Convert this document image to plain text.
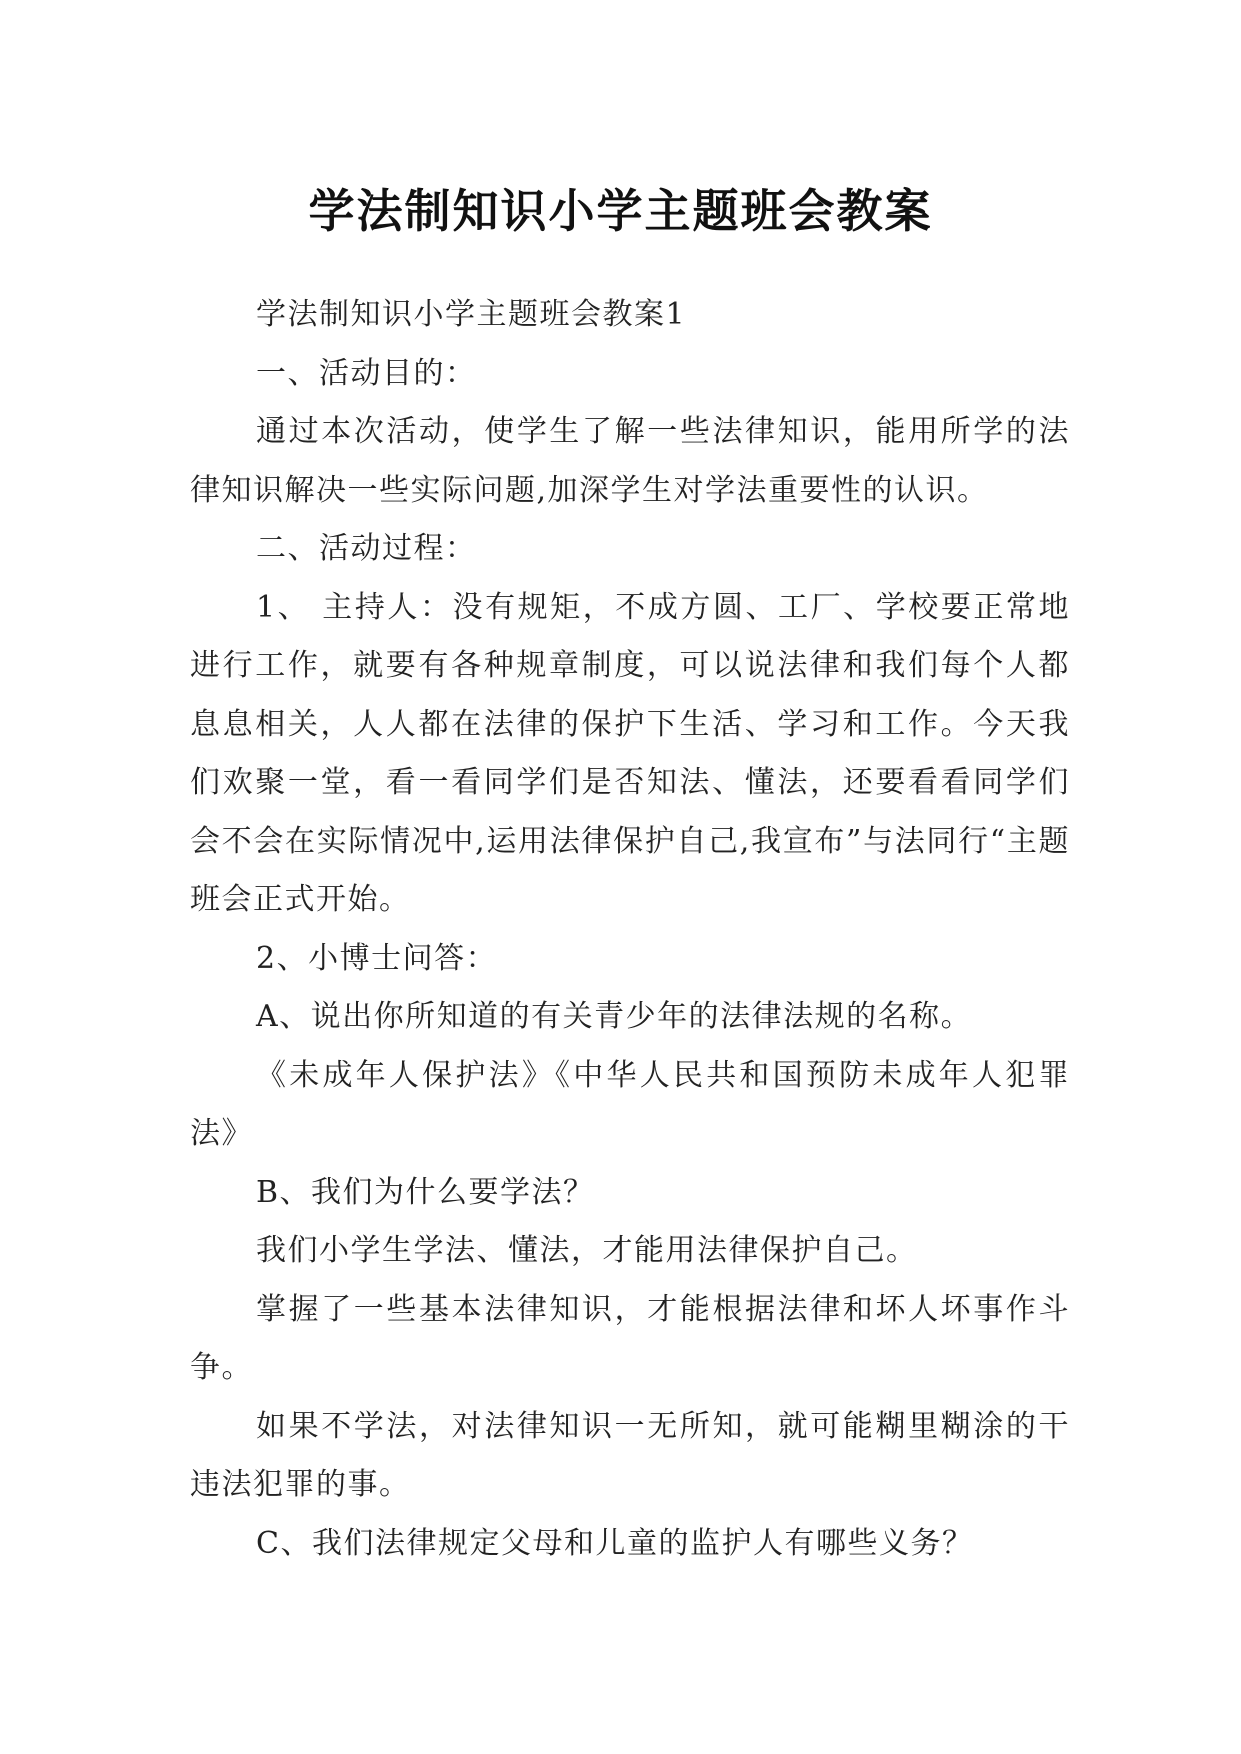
学法制知识小学主题班会教案

学法制知识小学主题班会教案1

一、活动目的：

通过本次活动，使学生了解一些法律知识，能用所学的法律知识解决一些实际问题,加深学生对学法重要性的认识。

二、活动过程：

1、 主持人：没有规矩，不成方圆、工厂、学校要正常地进行工作，就要有各种规章制度，可以说法律和我们每个人都息息相关，人人都在法律的保护下生活、学习和工作。今天我们欢聚一堂，看一看同学们是否知法、懂法，还要看看同学们会不会在实际情况中,运用法律保护自己,我宣布”与法同行“主题班会正式开始。

2、小博士问答：

A、说出你所知道的有关青少年的法律法规的名称。

《未成年人保护法》《中华人民共和国预防未成年人犯罪法》

B、我们为什么要学法？

我们小学生学法、懂法，才能用法律保护自己。

掌握了一些基本法律知识，才能根据法律和坏人坏事作斗争。

如果不学法，对法律知识一无所知，就可能糊里糊涂的干违法犯罪的事。

C、我们法律规定父母和儿童的监护人有哪些义务？
